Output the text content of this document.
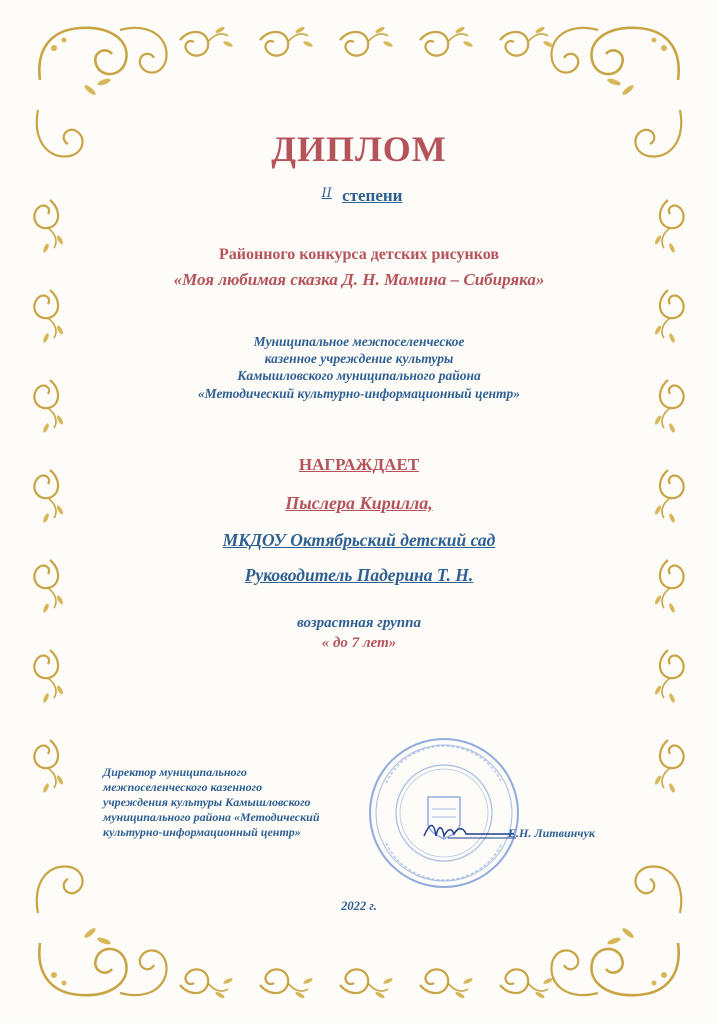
ДИПЛОМ

$^{II}$ степени

Районного конкурса детских рисунков

«Моя любимая сказка Д. Н. Мамина – Сибиряка»

Муниципальное межпоселенческое

казенное учреждение культуры

Камышловского муниципального района

«Методический культурно-информационный центр»

НАГРАЖДАЕТ

Пыслера Кирилла,

МКДОУ Октябрьский детский сад

Руководитель Падерина Т. Н.

возрастная группа

« до 7 лет»

Директор муниципального
межпоселенческого казенного
учреждения культуры Камышловского
муниципального района «Методический
культурно-информационный центр»	Е.Н. Литвинчук

2022 г.
